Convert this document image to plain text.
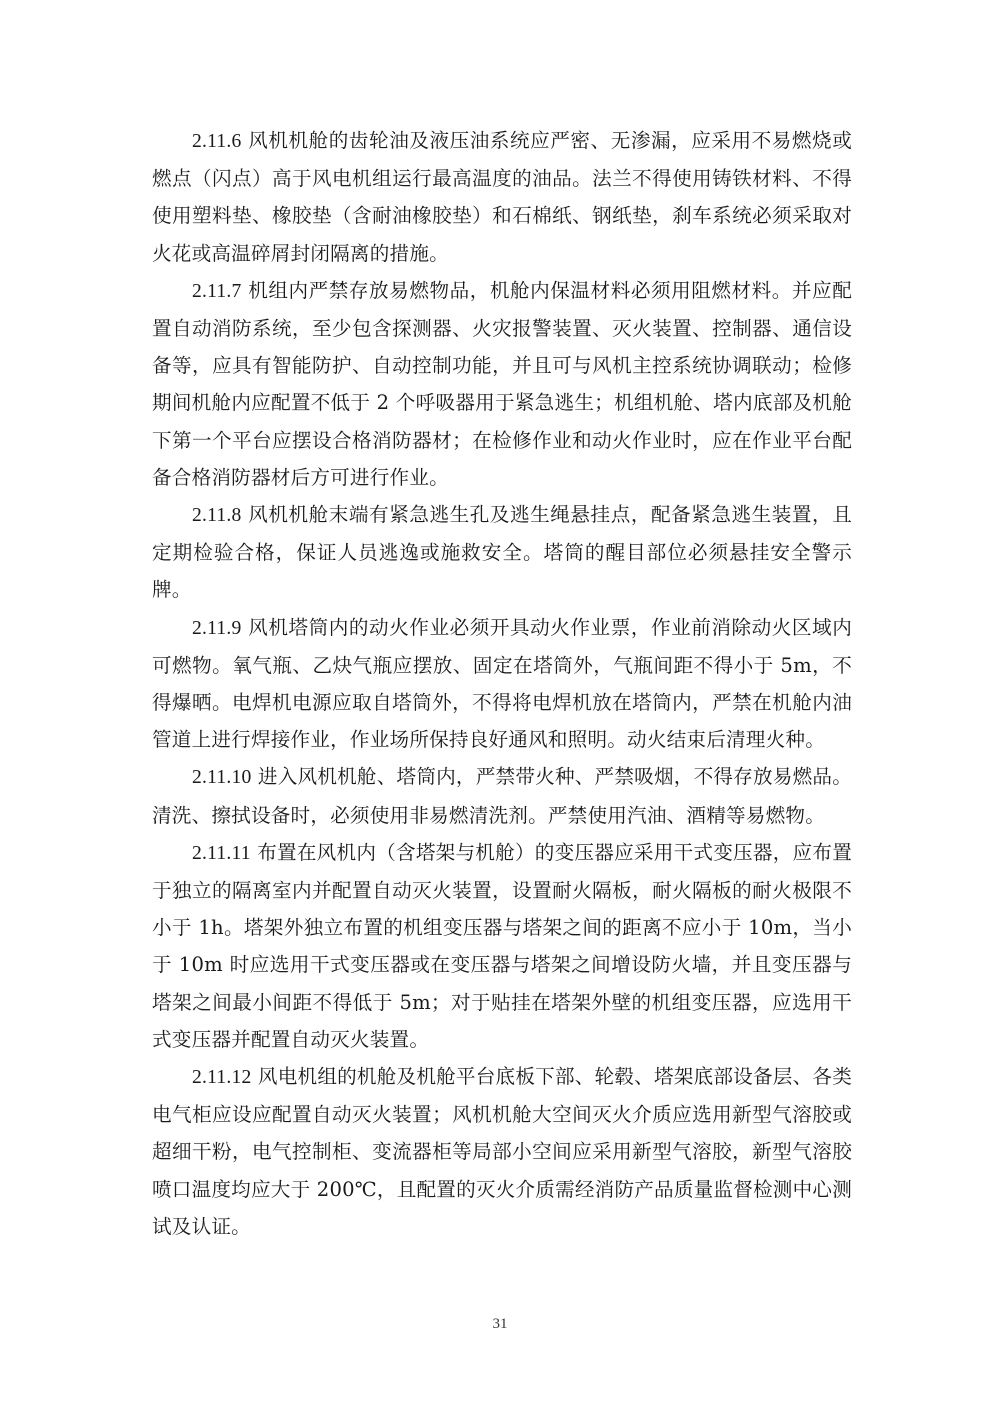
2.11.6 风机机舱的齿轮油及液压油系统应严密、无渗漏，应采用不易燃烧或燃点（闪点）高于风电机组运行最高温度的油品。法兰不得使用铸铁材料、不得使用塑料垫、橡胶垫（含耐油橡胶垫）和石棉纸、钢纸垫，刹车系统必须采取对火花或高温碎屑封闭隔离的措施。

2.11.7 机组内严禁存放易燃物品，机舱内保温材料必须用阻燃材料。并应配置自动消防系统，至少包含探测器、火灾报警装置、灭火装置、控制器、通信设备等，应具有智能防护、自动控制功能，并且可与风机主控系统协调联动；检修期间机舱内应配置不低于 2 个呼吸器用于紧急逃生；机组机舱、塔内底部及机舱下第一个平台应摆设合格消防器材；在检修作业和动火作业时，应在作业平台配备合格消防器材后方可进行作业。

2.11.8 风机机舱末端有紧急逃生孔及逃生绳悬挂点，配备紧急逃生装置，且定期检验合格，保证人员逃逸或施救安全。塔筒的醒目部位必须悬挂安全警示牌。

2.11.9 风机塔筒内的动火作业必须开具动火作业票，作业前消除动火区域内可燃物。氧气瓶、乙炔气瓶应摆放、固定在塔筒外，气瓶间距不得小于 5m，不得爆晒。电焊机电源应取自塔筒外，不得将电焊机放在塔筒内，严禁在机舱内油管道上进行焊接作业，作业场所保持良好通风和照明。动火结束后清理火种。

2.11.10 进入风机机舱、塔筒内，严禁带火种、严禁吸烟，不得存放易燃品。清洗、擦拭设备时，必须使用非易燃清洗剂。严禁使用汽油、酒精等易燃物。

2.11.11 布置在风机内（含塔架与机舱）的变压器应采用干式变压器，应布置于独立的隔离室内并配置自动灭火装置，设置耐火隔板，耐火隔板的耐火极限不小于 1h。塔架外独立布置的机组变压器与塔架之间的距离不应小于 10m，当小于 10m 时应选用干式变压器或在变压器与塔架之间增设防火墙，并且变压器与塔架之间最小间距不得低于 5m；对于贴挂在塔架外壁的机组变压器，应选用干式变压器并配置自动灭火装置。

2.11.12 风电机组的机舱及机舱平台底板下部、轮毂、塔架底部设备层、各类电气柜应设应配置自动灭火装置；风机机舱大空间灭火介质应选用新型气溶胶或超细干粉，电气控制柜、变流器柜等局部小空间应采用新型气溶胶，新型气溶胶喷口温度均应大于 200℃，且配置的灭火介质需经消防产品质量监督检测中心测试及认证。

31
